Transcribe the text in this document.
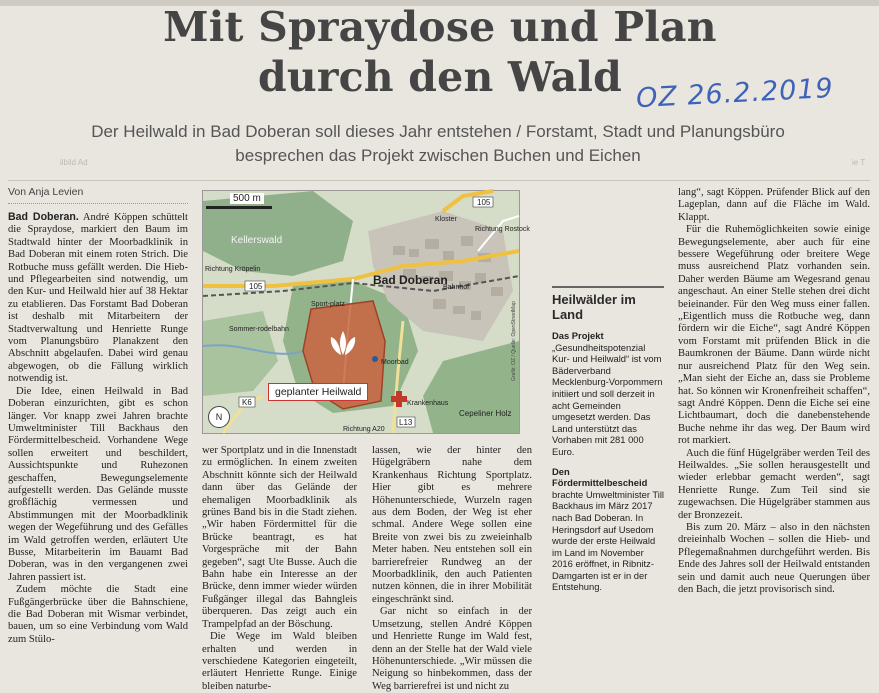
Mit Spraydose und Plan
durch den Wald OZ 26.2.2019
Der Heilwald in Bad Doberan soll dieses Jahr entstehen / Forstamt, Stadt und Planungsbüro
besprechen das Projekt zwischen Buchen und Eichen
ilbild Ad	ie T
Von Anja Levien

Bad Doberan. André Köppen schüttelt die Spraydose, markiert den Baum im Stadtwald hinter der Moorbadklinik in Bad Doberan mit einem roten Strich. Die Rotbuche muss gefällt werden. Die Hieb- und Pflegearbeiten sind notwendig, um den Kur- und Heilwald hier auf 38 Hektar zu etablieren. Das Forstamt Bad Doberan ist deshalb mit Mitarbeitern der Stadtverwaltung und Henriette Runge vom Planungsbüro Planakzent den Abschnitt abgelaufen. Dabei wird genau abgewogen, ob die Fällung wirklich notwendig ist.

Die Idee, einen Heilwald in Bad Doberan einzurichten, gibt es schon länger. Vor knapp zwei Jahren brachte Umweltminister Till Backhaus den Fördermittelbescheid. Vorhandene Wege sollen erweitert und beschildert, Aussichtspunkte und Ruhezonen geschaffen, Bewegungselemente aufgestellt werden. Das Gelände musste großflächig vermessen und Abstimmungen mit der Moorbadklinik wegen der Wegeführung und des Gefälles im Wald getroffen werden, erläutert Ute Busse, Mitarbeiterin im Bauamt Bad Doberan, was in den vergangenen zwei Jahren passiert ist.

Zudem möchte die Stadt eine Fußgängerbrücke über die Bahnschiene, die Bad Doberan mit Wismar verbindet, bauen, um so eine Verbindung vom Wald zum Stülo-

105
105
K6
L13
Kellerswald
Bad Doberan
Kloster
Richtung Rostock
Richtung Kröpelin
Bahnhof
Sport-platz
Sommer-rodelbahn
Moorbad
Krankenhaus
Cepeliner Holz
Richtung A20
Grafik: OZ / Quelle: OpenStreetMap
500 m
N
geplanter Heilwald

wer Sportplatz und in die Innenstadt zu ermöglichen. In einem zweiten Abschnitt könnte sich der Heilwald dann über das Gelände der ehemaligen Moorbadklinik als grünes Band bis in die Stadt ziehen. „Wir haben Fördermittel für die Brücke beantragt, es hat Vorgespräche mit der Bahn gegeben“, sagt Ute Busse. Auch die Bahn habe ein Interesse an der Brücke, denn immer wieder würden Fußgänger illegal das Bahngleis überqueren. Das zeigt auch ein Trampelpfad an der Böschung.

Die Wege im Wald bleiben erhalten und werden in verschiedene Kategorien eingeteilt, erläutert Henriette Runge. Einige bleiben naturbe-

lassen, wie der hinter den Hügelgräbern nahe dem Krankenhaus Richtung Sportplatz. Hier gibt es mehrere Höhenunterschiede, Wurzeln ragen aus dem Boden, der Weg ist eher schmal. Andere Wege sollen eine Breite von zwei bis zu zweieinhalb Meter haben. Neu entstehen soll ein barrierefreier Rundweg an der Moorbadklinik, den auch Patienten nutzen können, die in ihrer Mobilität eingeschränkt sind.

Gar nicht so einfach in der Umsetzung, stellen André Köppen und Henriette Runge im Wald fest, denn an der Stelle hat der Wald viele Höhenunterschiede. „Wir müssen die Neigung so hinbekommen, dass der Weg barrierefrei ist und nicht zu

Heilwälder im Land

Das Projekt „Gesundheitspotenzial Kur- und Heilwald“ ist vom Bäderverband Mecklenburg-Vorpommern initiiert und soll derzeit in acht Gemeinden umgesetzt werden. Das Land unterstützt das Vorhaben mit 281 000 Euro.

Den Fördermittelbescheid brachte Umweltminister Till Backhaus im März 2017 nach Bad Doberan. In Heringsdorf auf Usedom wurde der erste Heilwald im Land im November 2016 eröffnet, in Ribnitz-Damgarten ist er in der Entstehung.

lang“, sagt Köppen. Prüfender Blick auf den Lageplan, dann auf die Fläche im Wald. Klappt.

Für die Ruhemöglichkeiten sowie einige Bewegungselemente, aber auch für eine bessere Wegeführung oder breitere Wege muss ausreichend Platz vorhanden sein. Daher werden Bäume am Wegesrand genau angeschaut. An einer Stelle stehen drei dicht beieinander. Für den Weg muss einer fallen. „Eigentlich muss die Rotbuche weg, dann fördern wir die Eiche“, sagt André Köppen vom Forstamt mit prüfenden Blick in die Baumkronen der Bäume. Dann würde nicht nur ausreichend Platz für den Weg sein. „Man sieht der Eiche an, dass sie Probleme hat. So können wir Kronenfreiheit schaffen“, sagt André Köppen. Denn die Eiche sei eine Lichtbaumart, doch die danebenstehende Buche nehme ihr das weg. Der Baum wird rot markiert.

Auch die fünf Hügelgräber werden Teil des Heilwaldes. „Sie sollen herausgestellt und wieder erlebbar gemacht werden“, sagt Henriette Runge. Zum Teil sind sie zugewachsen. Die Hügelgräber stammen aus der Bronzezeit.

Bis zum 20. März – also in den nächsten dreieinhalb Wochen – sollen die Hieb- und Pflegemaßnahmen durchgeführt werden. Bis Ende des Jahres soll der Heilwald entstanden sein und damit auch neue Querungen über den Bach, die jetzt provisorisch sind.
